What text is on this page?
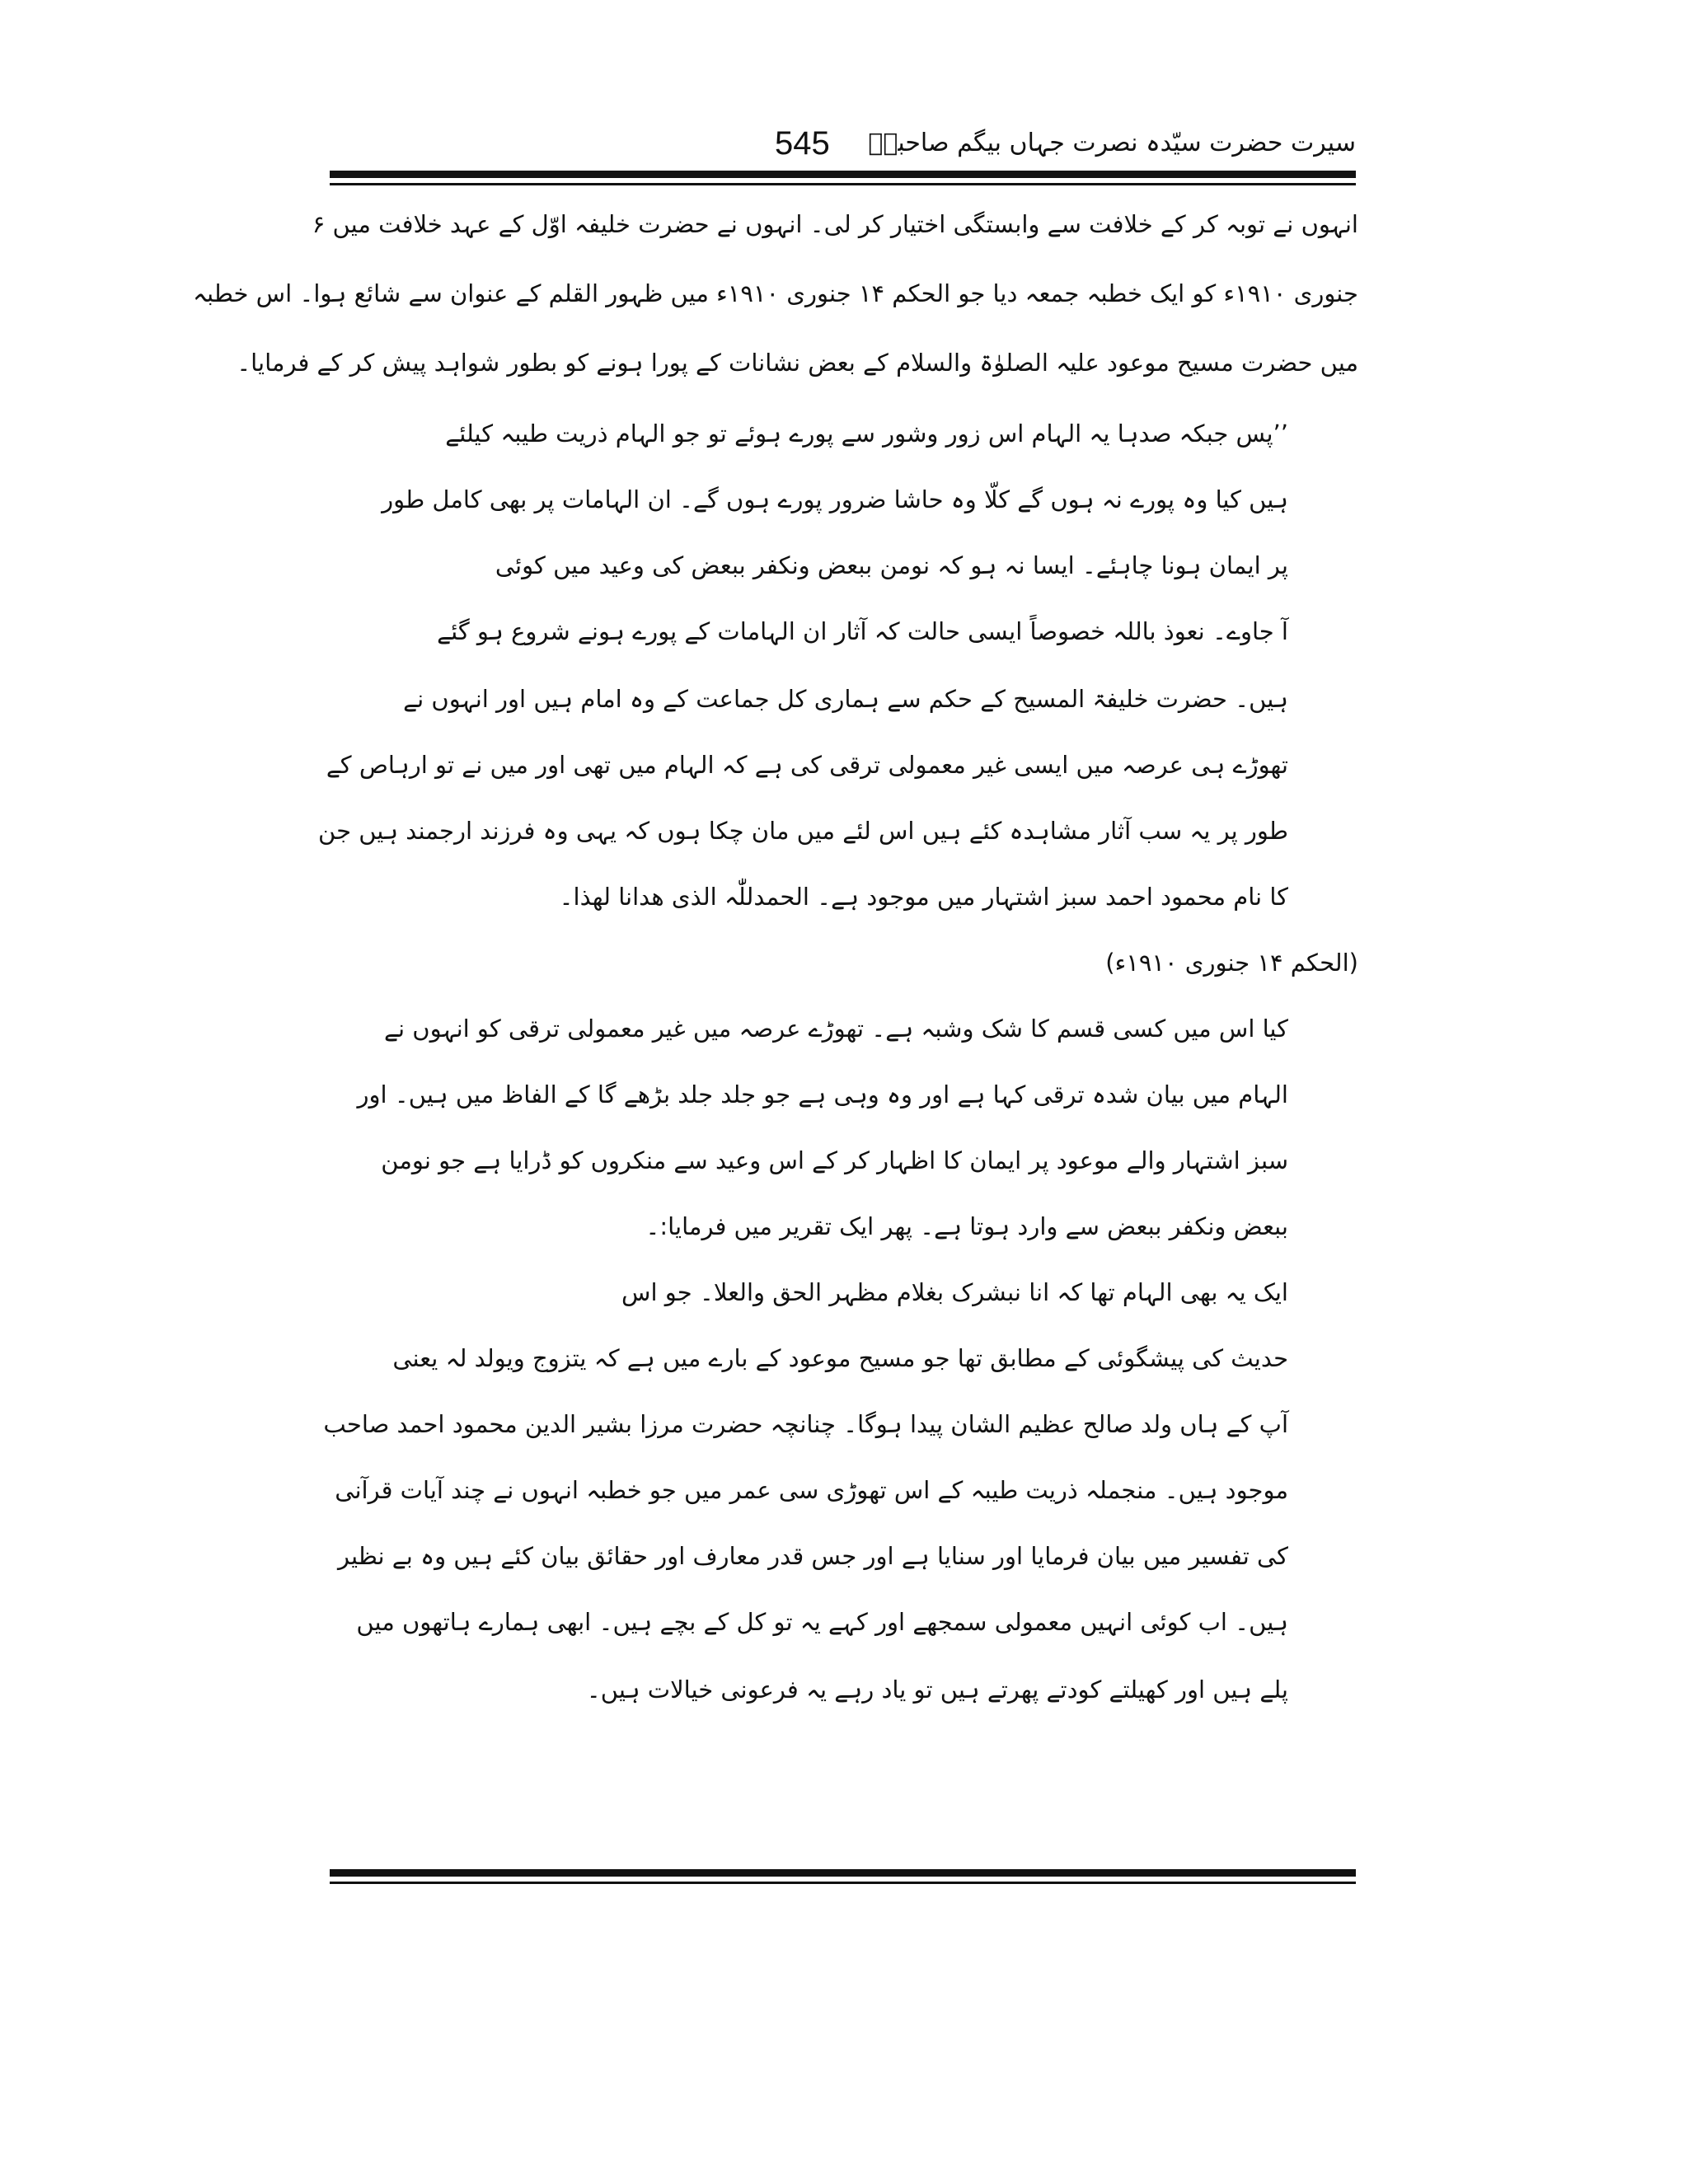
545 سیرت حضرت سیّدہ نصرت جہاں بیگم صاحبہؓ
انہوں نے توبہ کر کے خلافت سے وابستگی اختیار کر لی۔ انہوں نے حضرت خلیفہ اوّل کے عہد خلافت میں ۶
جنوری ۱۹۱۰ء کو ایک خطبہ جمعہ دیا جو الحکم ۱۴ جنوری ۱۹۱۰ء میں ظہور القلم کے عنوان سے شائع ہوا۔ اس خطبہ
میں حضرت مسیح موعود علیہ الصلوٰۃ والسلام کے بعض نشانات کے پورا ہونے کو بطور شواہد پیش کر کے فرمایا۔
’’پس جبکہ صدہا یہ الہام اس زور وشور سے پورے ہوئے تو جو الہام ذریت طیبہ کیلئے
ہیں کیا وہ پورے نہ ہوں گے کلّا وہ حاشا ضرور پورے ہوں گے۔ ان الہامات پر بھی کامل طور
پر ایمان ہونا چاہئے۔ ایسا نہ ہو کہ نومن ببعض ونکفر ببعض کی وعید میں کوئی
آ جاوے۔ نعوذ باللہ خصوصاً ایسی حالت کہ آثار ان الہامات کے پورے ہونے شروع ہو گئے
ہیں۔ حضرت خلیفۃ المسیح کے حکم سے ہماری کل جماعت کے وہ امام ہیں اور انہوں نے
تھوڑے ہی عرصہ میں ایسی غیر معمولی ترقی کی ہے کہ الہام میں تھی اور میں نے تو ارہاص کے
طور پر یہ سب آثار مشاہدہ کئے ہیں اس لئے میں مان چکا ہوں کہ یہی وہ فرزند ارجمند ہیں جن
کا نام محمود احمد سبز اشتہار میں موجود ہے۔ الحمدللّٰہ الذی ھدانا لھذا۔
(الحکم ۱۴ جنوری ۱۹۱۰ء)
کیا اس میں کسی قسم کا شک وشبہ ہے۔ تھوڑے عرصہ میں غیر معمولی ترقی کو انہوں نے
الہام میں بیان شدہ ترقی کہا ہے اور وہ وہی ہے جو جلد جلد بڑھے گا کے الفاظ میں ہیں۔ اور
سبز اشتہار والے موعود پر ایمان کا اظہار کر کے اس وعید سے منکروں کو ڈرایا ہے جو نومن
ببعض ونکفر ببعض سے وارد ہوتا ہے۔ پھر ایک تقریر میں فرمایا:۔
ایک یہ بھی الہام تھا کہ انا نبشرک بغلام مظہر الحق والعلا۔ جو اس
حدیث کی پیشگوئی کے مطابق تھا جو مسیح موعود کے بارے میں ہے کہ یتزوج ویولد لہ یعنی
آپ کے ہاں ولد صالح عظیم الشان پیدا ہوگا۔ چنانچہ حضرت مرزا بشیر الدین محمود احمد صاحب
موجود ہیں۔ منجملہ ذریت طیبہ کے اس تھوڑی سی عمر میں جو خطبہ انہوں نے چند آیات قرآنی
کی تفسیر میں بیان فرمایا اور سنایا ہے اور جس قدر معارف اور حقائق بیان کئے ہیں وہ بے نظیر
ہیں۔ اب کوئی انہیں معمولی سمجھے اور کہے یہ تو کل کے بچے ہیں۔ ابھی ہمارے ہاتھوں میں
پلے ہیں اور کھیلتے کودتے پھرتے ہیں تو یاد رہے یہ فرعونی خیالات ہیں۔
